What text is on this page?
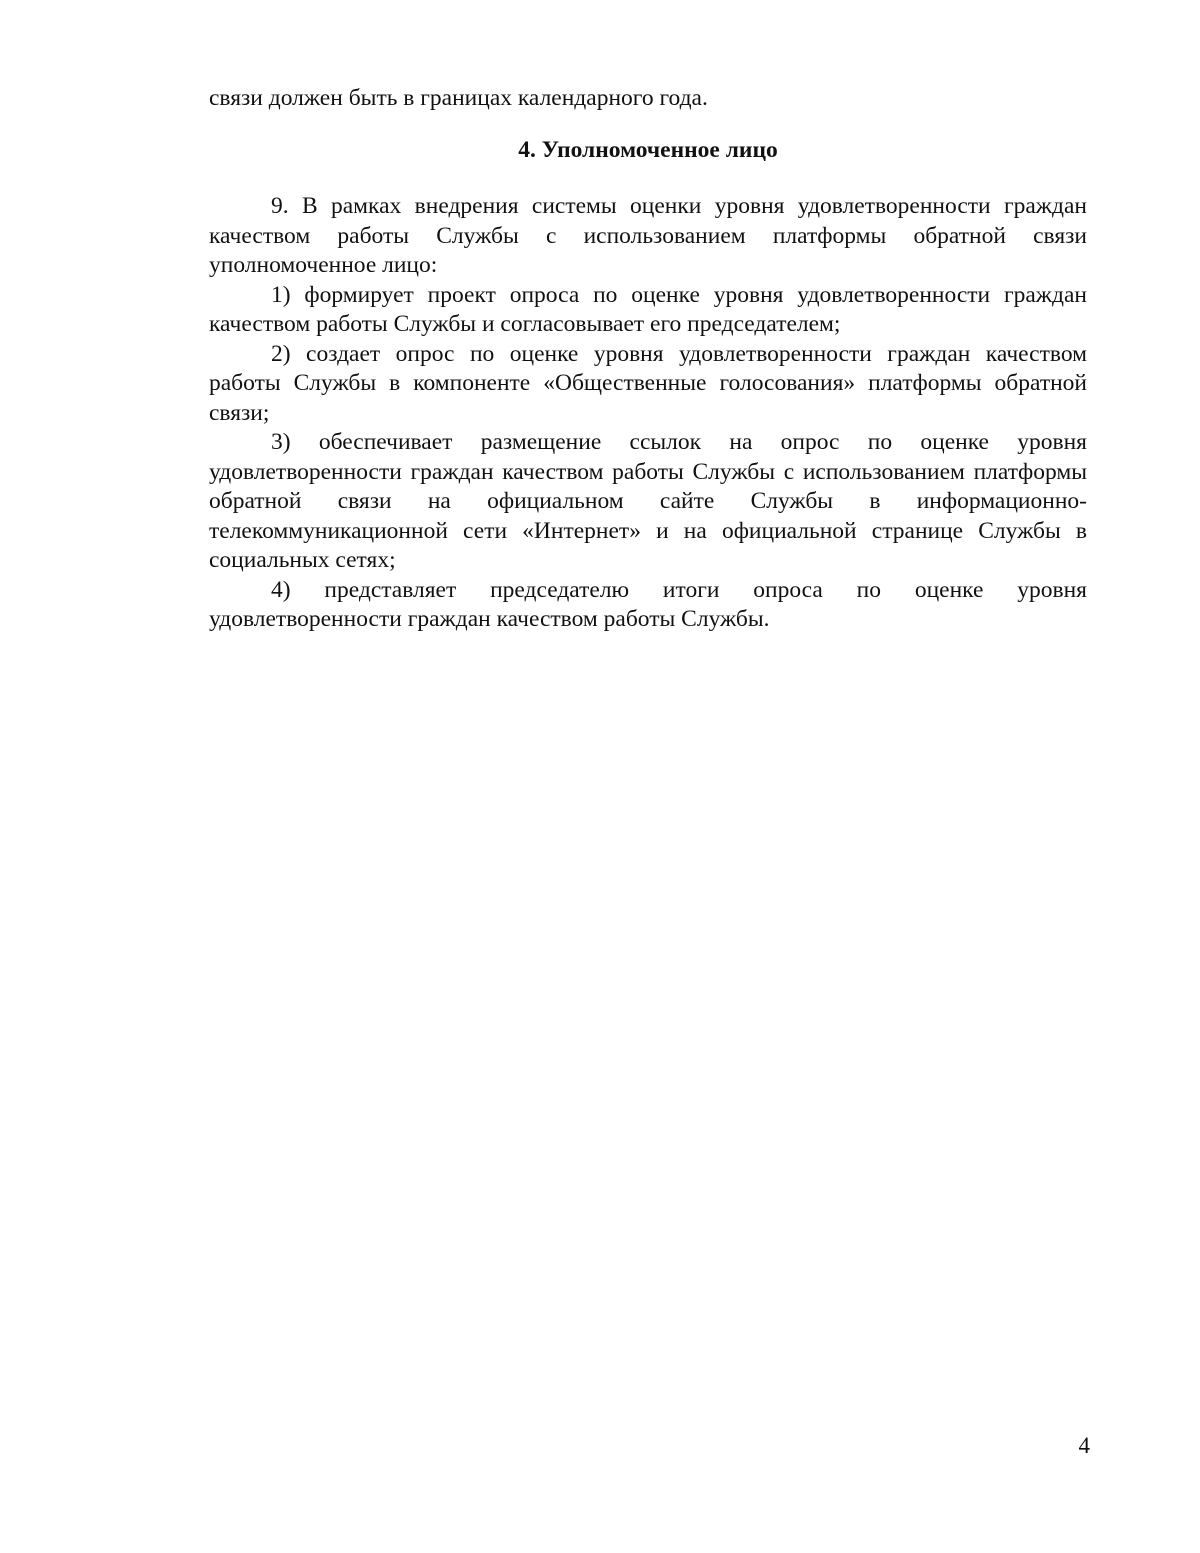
связи должен быть в границах календарного года.

4. Уполномоченное лицо

9. В рамках внедрения системы оценки уровня удовлетворенности граждан качеством работы Службы с использованием платформы обратной связи уполномоченное лицо:

1) формирует проект опроса по оценке уровня удовлетворенности граждан качеством работы Службы и согласовывает его председателем;

2) создает опрос по оценке уровня удовлетворенности граждан качеством работы Службы в компоненте «Общественные голосования» платформы обратной связи;

3) обеспечивает размещение ссылок на опрос по оценке уровня удовлетворенности граждан качеством работы Службы с использованием платформы обратной связи на официальном сайте Службы в информационно-телекоммуникационной сети «Интернет» и на официальной странице Службы в социальных сетях;

4) представляет председателю итоги опроса по оценке уровня удовлетворенности граждан качеством работы Службы.

4
